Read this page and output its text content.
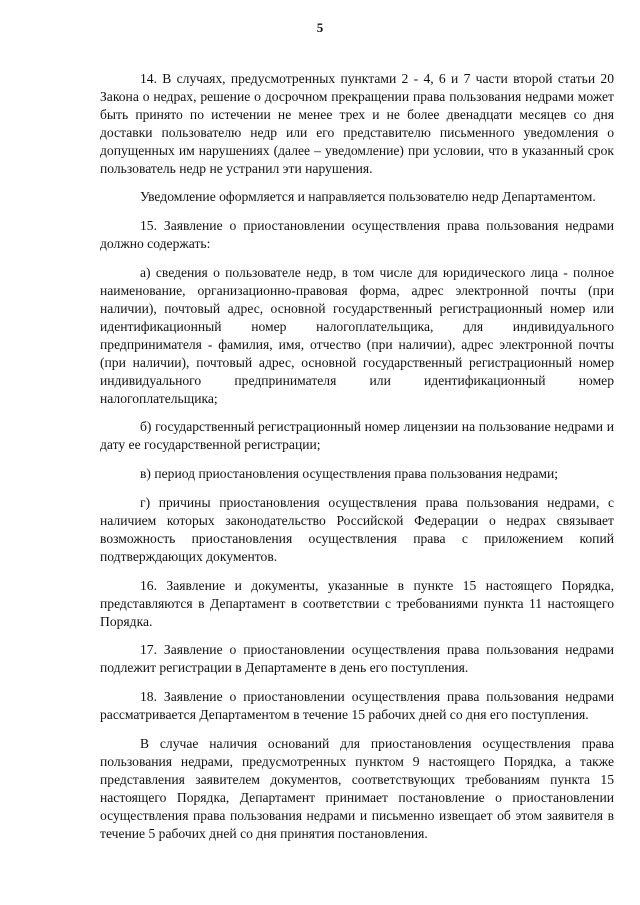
5

14. В случаях, предусмотренных пунктами 2 - 4, 6 и 7 части второй статьи 20 Закона о недрах, решение о досрочном прекращении права пользования недрами может быть принято по истечении не менее трех и не более двенадцати месяцев со дня доставки пользователю недр или его представителю письменного уведомления о допущенных им нарушениях (далее – уведомление) при условии, что в указанный срок пользователь недр не устранил эти нарушения.

Уведомление оформляется и направляется пользователю недр Департаментом.

15. Заявление о приостановлении осуществления права пользования недрами должно содержать:

а) сведения о пользователе недр, в том числе для юридического лица - полное наименование, организационно-правовая форма, адрес электронной почты (при наличии), почтовый адрес, основной государственный регистрационный номер или идентификационный номер налогоплательщика, для индивидуального предпринимателя - фамилия, имя, отчество (при наличии), адрес электронной почты (при наличии), почтовый адрес, основной государственный регистрационный номер индивидуального предпринимателя или идентификационный номер налогоплательщика;

б) государственный регистрационный номер лицензии на пользование недрами и дату ее государственной регистрации;

в) период приостановления осуществления права пользования недрами;

г) причины приостановления осуществления права пользования недрами, с наличием которых законодательство Российской Федерации о недрах связывает возможность приостановления осуществления права с приложением копий подтверждающих документов.

16. Заявление и документы, указанные в пункте 15 настоящего Порядка, представляются в Департамент в соответствии с требованиями пункта 11 настоящего Порядка.

17. Заявление о приостановлении осуществления права пользования недрами подлежит регистрации в Департаменте в день его поступления.

18. Заявление о приостановлении осуществления права пользования недрами рассматривается Департаментом в течение 15 рабочих дней со дня его поступления.

В случае наличия оснований для приостановления осуществления права пользования недрами, предусмотренных пунктом 9 настоящего Порядка, а также представления заявителем документов, соответствующих требованиям пункта 15 настоящего Порядка, Департамент принимает постановление о приостановлении осуществления права пользования недрами и письменно извещает об этом заявителя в течение 5 рабочих дней со дня принятия постановления.
